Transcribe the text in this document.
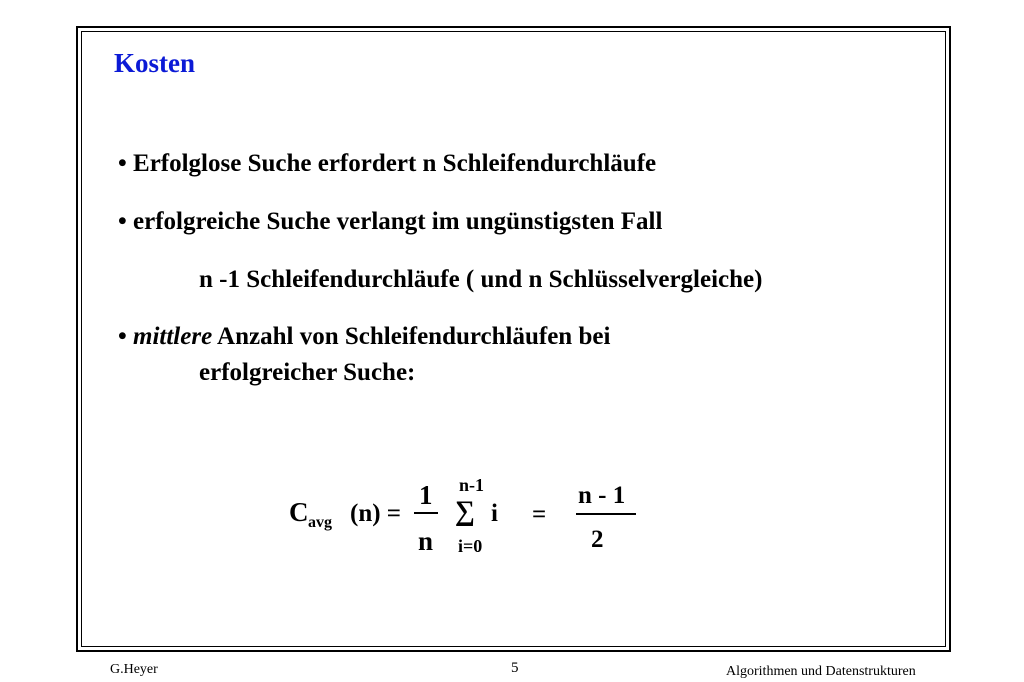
Kosten
• Erfolglose Suche erfordert n Schleifendurchläufe
• erfolgreiche Suche verlangt im ungünstigsten Fall
n -1 Schleifendurchläufe ( und n Schlüsselvergleiche)
• mittlere Anzahl von Schleifendurchläufen bei
erfolgreicher Suche:
C avg (n) =
1
n
n-1
∑ i
i=0
=
n - 1
2
G.Heyer	5	Algorithmen und Datenstrukturen
